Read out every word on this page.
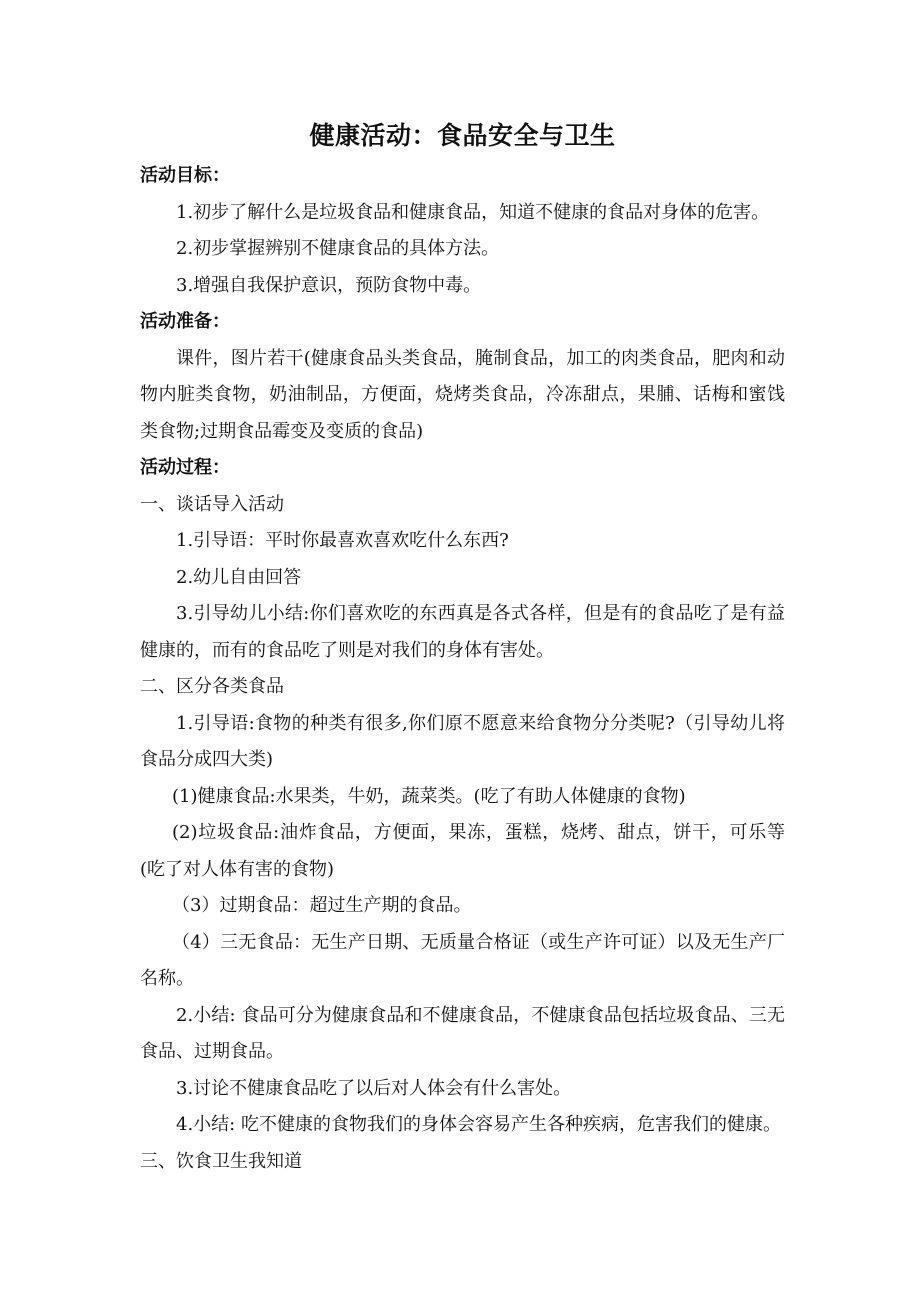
健康活动：食品安全与卫生

活动目标：

1.初步了解什么是垃圾食品和健康食品，知道不健康的食品对身体的危害。

2.初步掌握辨别不健康食品的具体方法。

3.增强自我保护意识，预防食物中毒。

活动准备：

课件，图片若干(健康食品头类食品，腌制食品，加工的肉类食品，肥肉和动物内脏类食物，奶油制品，方便面，烧烤类食品，冷冻甜点，果脯、话梅和蜜饯类食物;过期食品霉变及变质的食品)

活动过程：

一、谈话导入活动

1.引导语：平时你最喜欢喜欢吃什么东西?

2.幼儿自由回答

3.引导幼儿小结:你们喜欢吃的东西真是各式各样，但是有的食品吃了是有益健康的，而有的食品吃了则是对我们的身体有害处。

二、区分各类食品

1.引导语:食物的种类有很多,你们原不愿意来给食物分分类呢?（引导幼儿将食品分成四大类)

(1)健康食品:水果类，牛奶，蔬菜类。(吃了有助人体健康的食物)

(2)垃圾食品:油炸食品，方便面，果冻，蛋糕，烧烤、甜点，饼干，可乐等(吃了对人体有害的食物)

（3）过期食品：超过生产期的食品。

（4）三无食品：无生产日期、无质量合格证（或生产许可证）以及无生产厂名称。

2.小结: 食品可分为健康食品和不健康食品，不健康食品包括垃圾食品、三无食品、过期食品。

3.讨论不健康食品吃了以后对人体会有什么害处。

4.小结: 吃不健康的食物我们的身体会容易产生各种疾病，危害我们的健康。

三、饮食卫生我知道
